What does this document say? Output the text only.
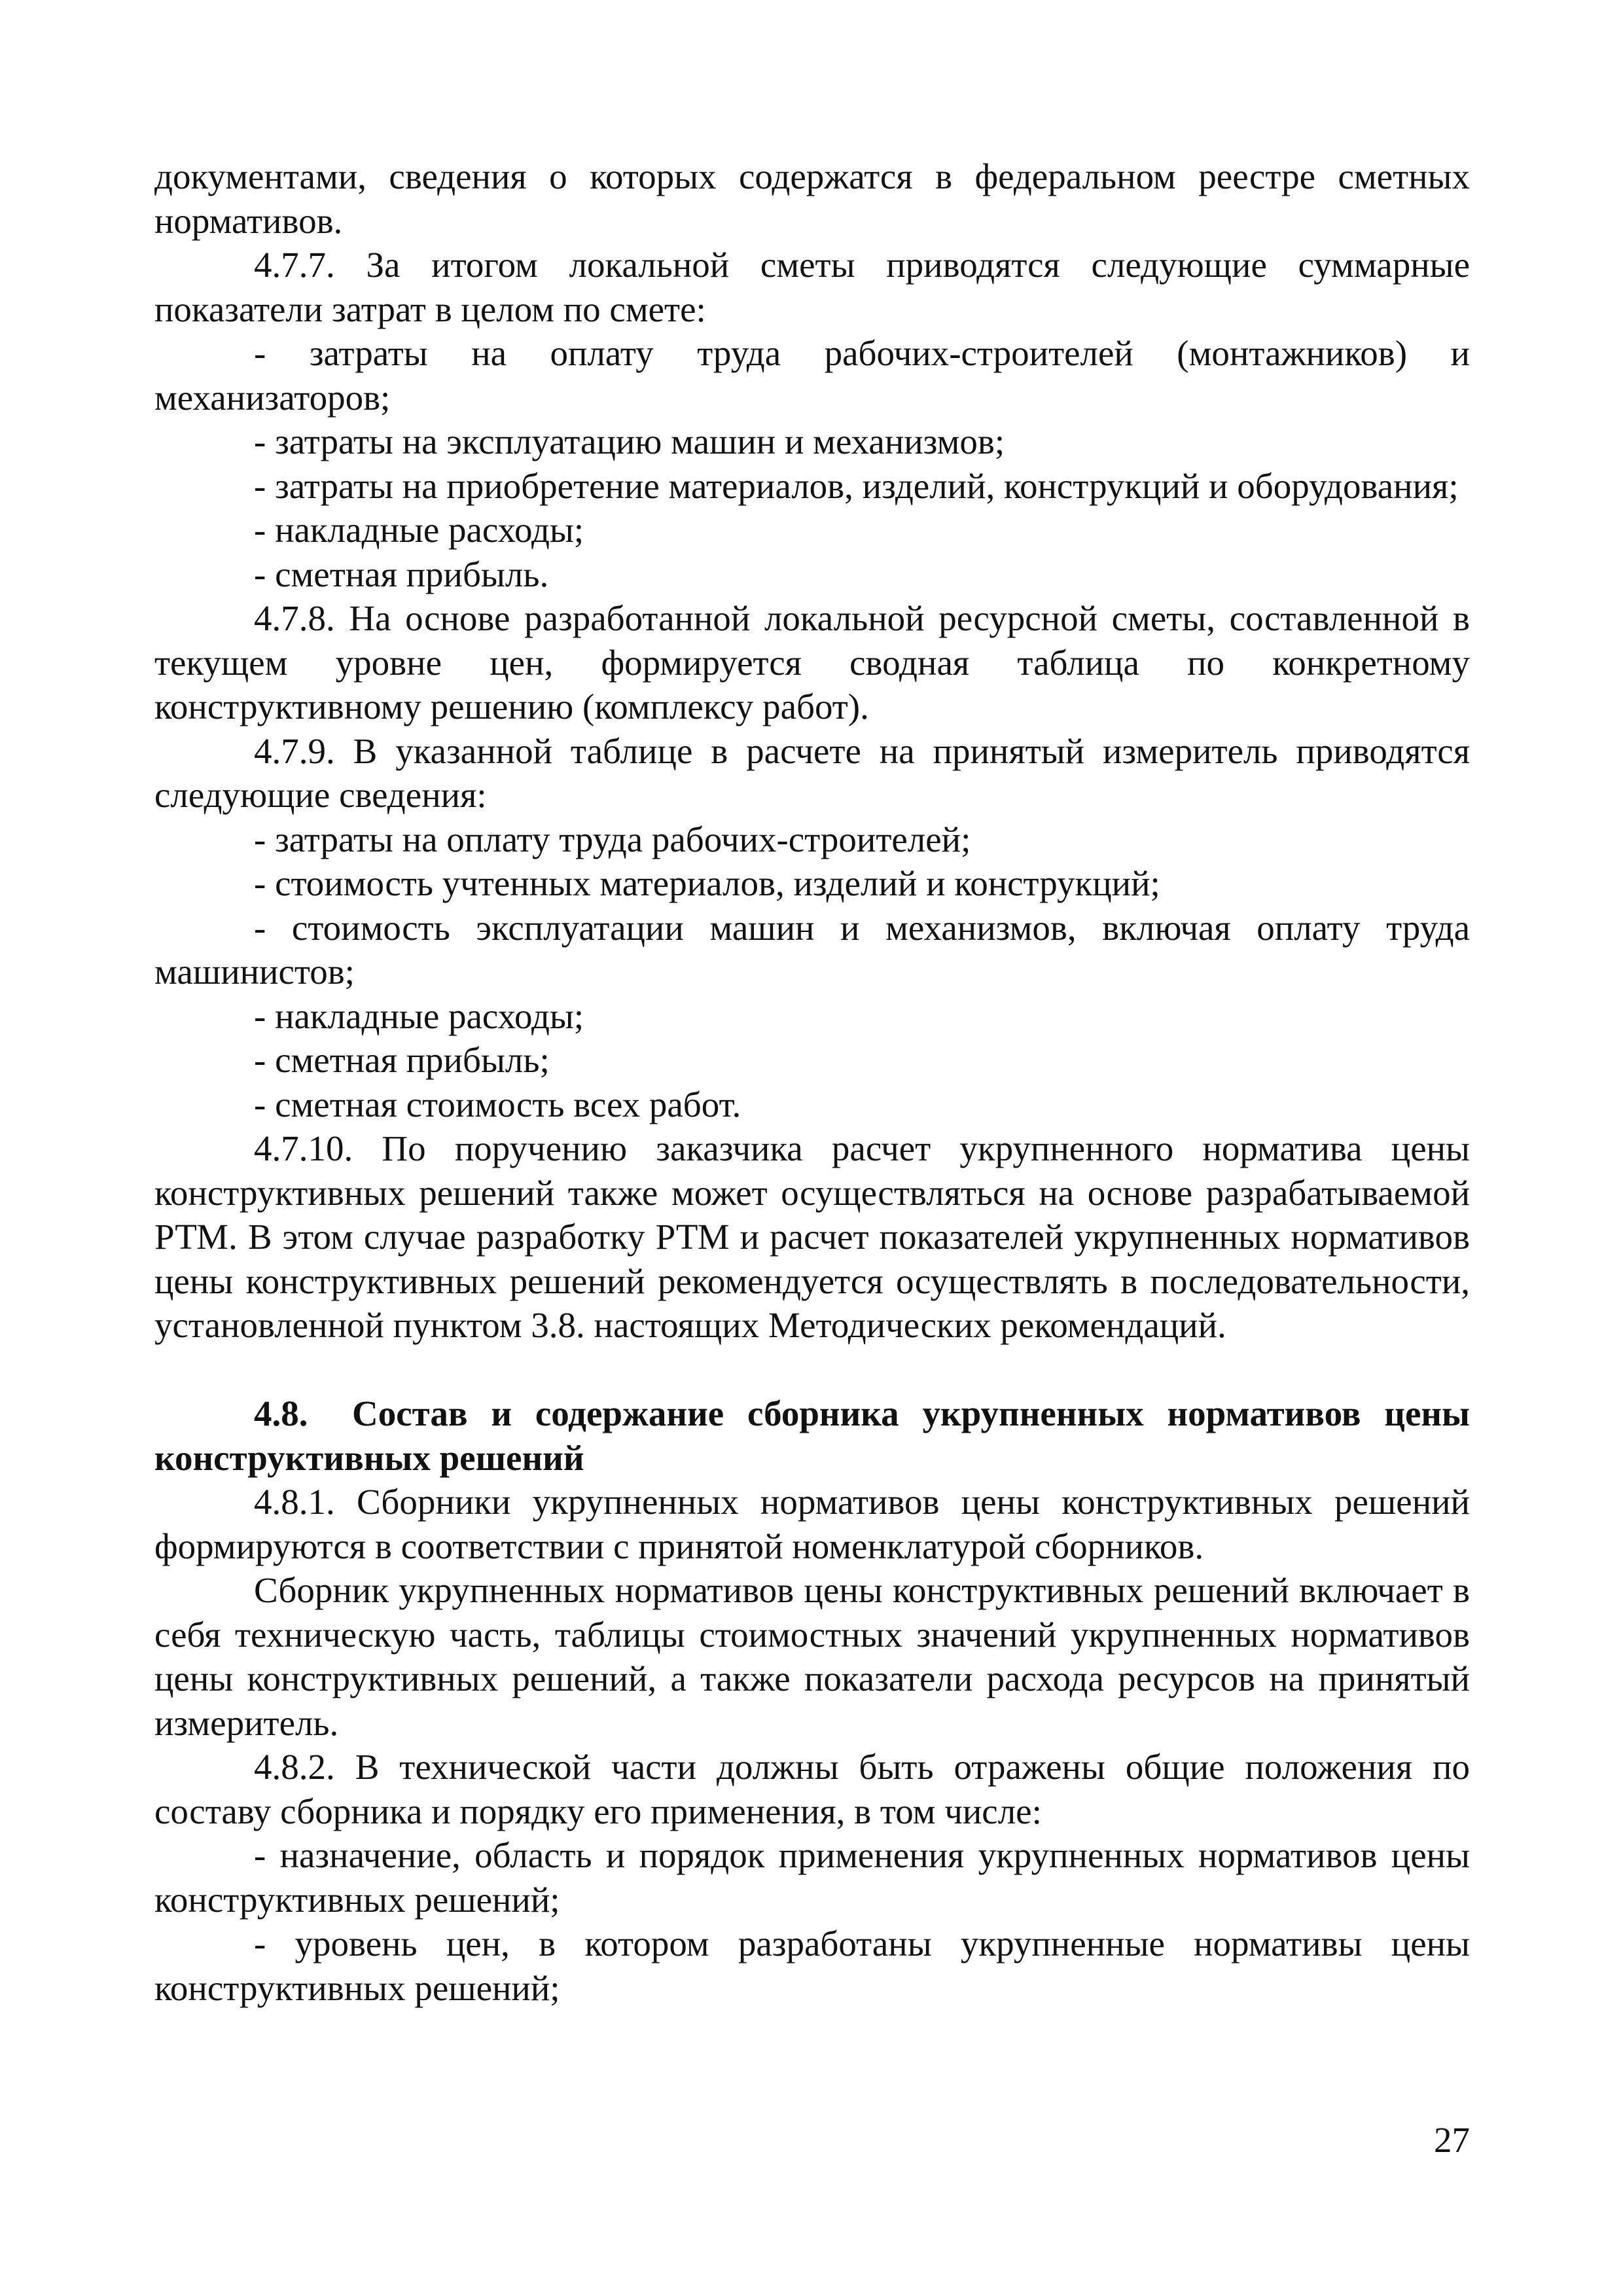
документами, сведения о которых содержатся в федеральном реестре сметных нормативов.

4.7.7. За итогом локальной сметы приводятся следующие суммарные показатели затрат в целом по смете:

- затраты на оплату труда рабочих-строителей (монтажников) и механизаторов;

- затраты на эксплуатацию машин и механизмов;

- затраты на приобретение материалов, изделий, конструкций и оборудования;

- накладные расходы;

- сметная прибыль.

4.7.8. На основе разработанной локальной ресурсной сметы, составленной в текущем уровне цен, формируется сводная таблица по конкретному конструктивному решению (комплексу работ).

4.7.9. В указанной таблице в расчете на принятый измеритель приводятся следующие сведения:

- затраты на оплату труда рабочих-строителей;

- стоимость учтенных материалов, изделий и конструкций;

- стоимость эксплуатации машин и механизмов, включая оплату труда машинистов;

- накладные расходы;

- сметная прибыль;

- сметная стоимость всех работ.

4.7.10. По поручению заказчика расчет укрупненного норматива цены конструктивных решений также может осуществляться на основе разрабатываемой РТМ. В этом случае разработку РТМ и расчет показателей укрупненных нормативов цены конструктивных решений рекомендуется осуществлять в последовательности, установленной пунктом 3.8. настоящих Методических рекомендаций.

4.8. Состав и содержание сборника укрупненных нормативов цены конструктивных решений

4.8.1. Сборники укрупненных нормативов цены конструктивных решений формируются в соответствии с принятой номенклатурой сборников.

Сборник укрупненных нормативов цены конструктивных решений включает в себя техническую часть, таблицы стоимостных значений укрупненных нормативов цены конструктивных решений, а также показатели расхода ресурсов на принятый измеритель.

4.8.2. В технической части должны быть отражены общие положения по составу сборника и порядку его применения, в том числе:

- назначение, область и порядок применения укрупненных нормативов цены конструктивных решений;

- уровень цен, в котором разработаны укрупненные нормативы цены конструктивных решений;

27
